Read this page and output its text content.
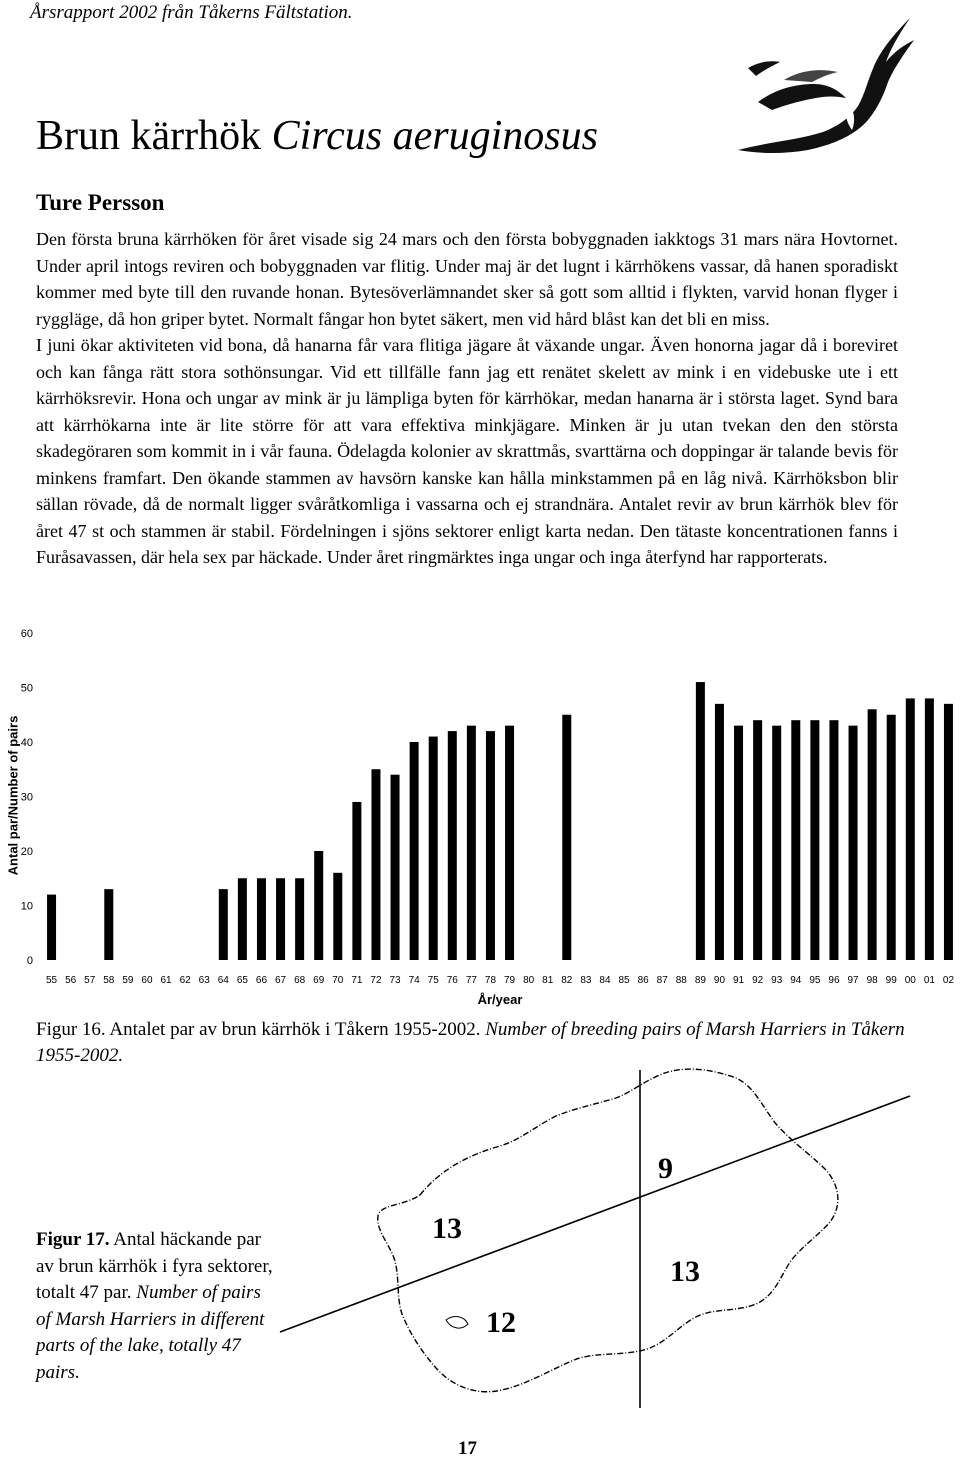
Årsrapport 2002 från Tåkerns Fältstation.
Brun kärrhök Circus aeruginosus
Ture Persson

Den första bruna kärrhöken för året visade sig 24 mars och den första bobyggnaden iakktogs 31 mars nära Hovtornet. Under april intogs reviren och bobyggnaden var flitig. Under maj är det lugnt i kärrhökens vassar, då hanen sporadiskt kommer med byte till den ruvande honan. Bytesöverlämnandet sker så gott som alltid i flykten, varvid honan flyger i ryggläge, då hon griper bytet. Normalt fångar hon bytet säkert, men vid hård blåst kan det bli en miss.

I juni ökar aktiviteten vid bona, då hanarna får vara flitiga jägare åt växande ungar. Även honorna jagar då i boreviret och kan fånga rätt stora sothönsungar. Vid ett tillfälle fann jag ett renätet skelett av mink i en videbuske ute i ett kärrhöksrevir. Hona och ungar av mink är ju lämpliga byten för kärrhökar, medan hanarna är i största laget. Synd bara att kärrhökarna inte är lite större för att vara effektiva minkjägare. Minken är ju utan tvekan den den största skadegöraren som kommit in i vår fauna. Ödelagda kolonier av skrattmås, svarttärna och doppingar är talande bevis för minkens framfart. Den ökande stammen av havsörn kanske kan hålla minkstammen på en låg nivå. Kärrhöksbon blir sällan rövade, då de normalt ligger svåråtkomliga i vassarna och ej strandnära. Antalet revir av brun kärrhök blev för året 47 st och stammen är stabil. Fördelningen i sjöns sektorer enligt karta nedan. Den tätaste koncentrationen fanns i Furåsavassen, där hela sex par häckade. Under året ringmärktes inga ungar och inga återfynd har rapporterats.

0
10
20
30
40
50
60
55 56 57 58 59 60 61 62 63 64 65 66 67 68 69 70 71 72 73 74 75 76 77 78 79 80 81 82 83 84 85 86 87 88 89 90 91 92 93 94 95 96 97 98 99 00 01 02
Antal par/Number of pairs
År/year
Figur 16. Antalet par av brun kärrhök i Tåkern 1955-2002. Number of breeding pairs of Marsh Harriers in Tåkern 1955-2002.
Figur 17. Antal häckande par av brun kärrhök i fyra sektorer, totalt 47 par. Number of pairs of Marsh Harriers in different parts of the lake, totally 47 pairs.
13
9
13
12
17
